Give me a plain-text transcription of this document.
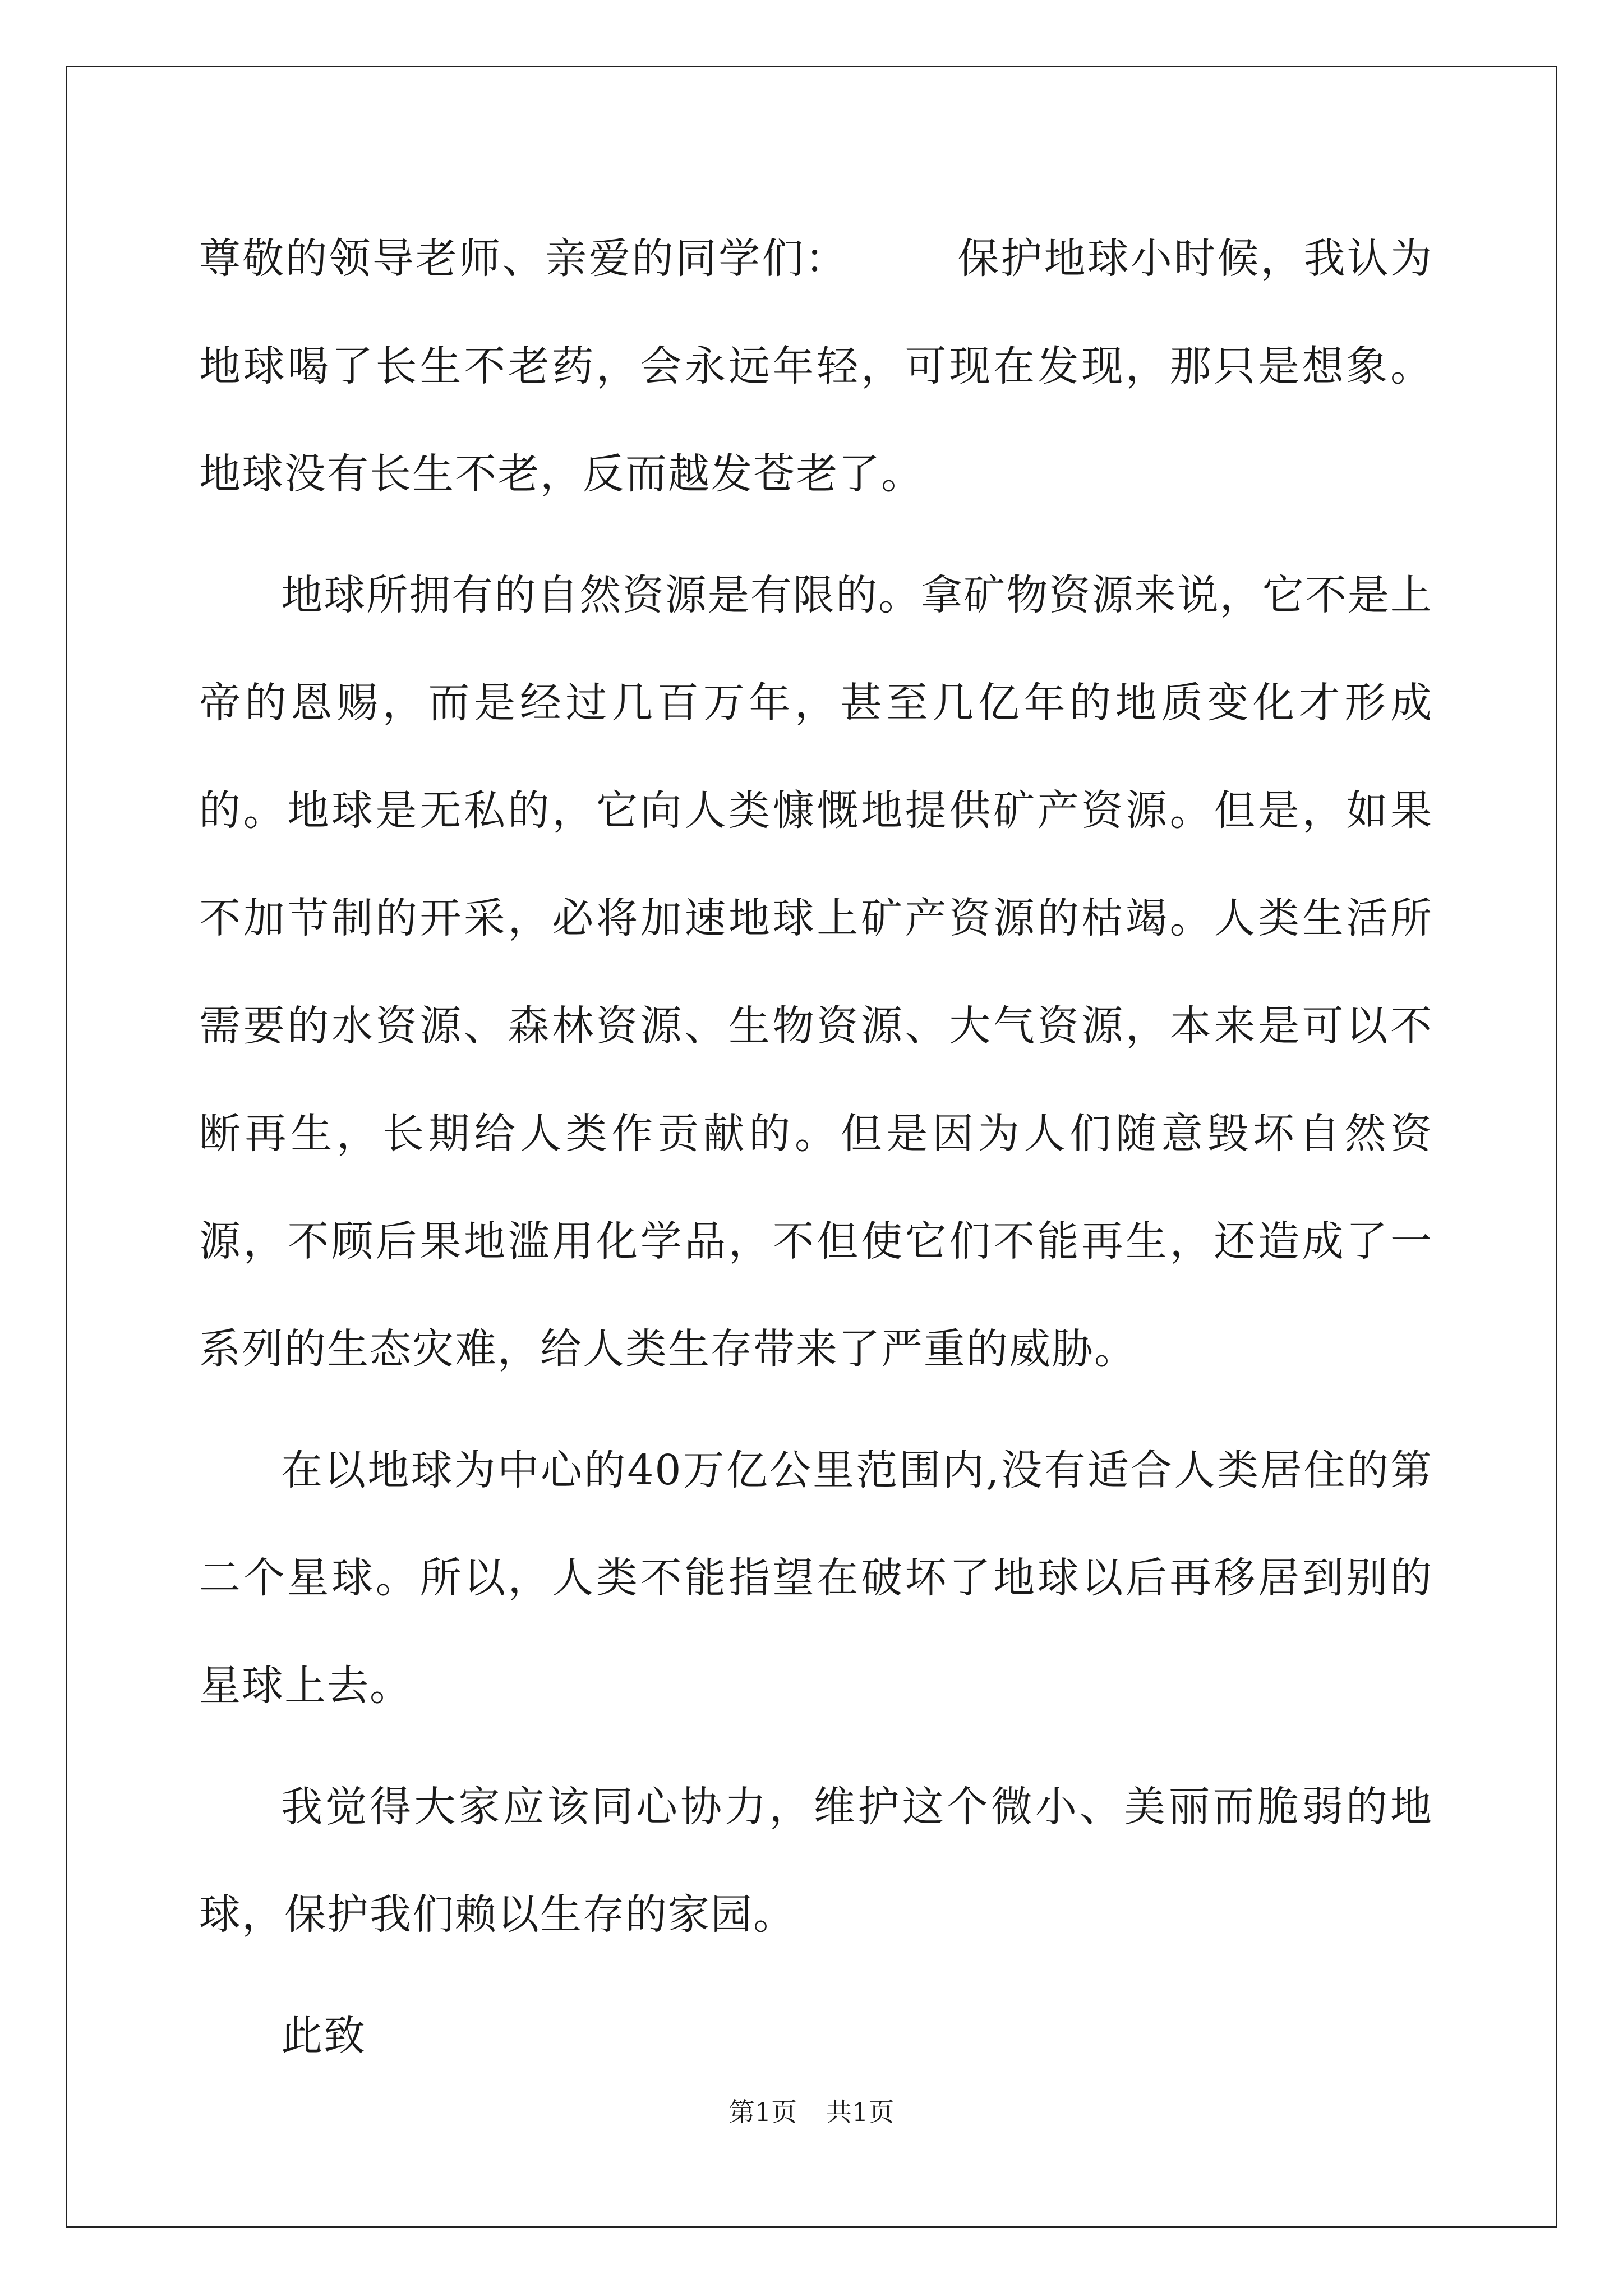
尊敬的领导老师、亲爱的同学们：　　　保护地球小时候，我认为地球喝了长生不老药，会永远年轻，可现在发现，那只是想象。地球没有长生不老，反而越发苍老了。

地球所拥有的自然资源是有限的。拿矿物资源来说，它不是上帝的恩赐，而是经过几百万年，甚至几亿年的地质变化才形成的。地球是无私的，它向人类慷慨地提供矿产资源。但是，如果不加节制的开采，必将加速地球上矿产资源的枯竭。人类生活所需要的水资源、森林资源、生物资源、大气资源，本来是可以不断再生，长期给人类作贡献的。但是因为人们随意毁坏自然资源，不顾后果地滥用化学品，不但使它们不能再生，还造成了一系列的生态灾难，给人类生存带来了严重的威胁。

在以地球为中心的40万亿公里范围内,没有适合人类居住的第二个星球。所以，人类不能指望在破坏了地球以后再移居到别的星球上去。

我觉得大家应该同心协力，维护这个微小、美丽而脆弱的地球，保护我们赖以生存的家园。

此致

第1页 共1页
